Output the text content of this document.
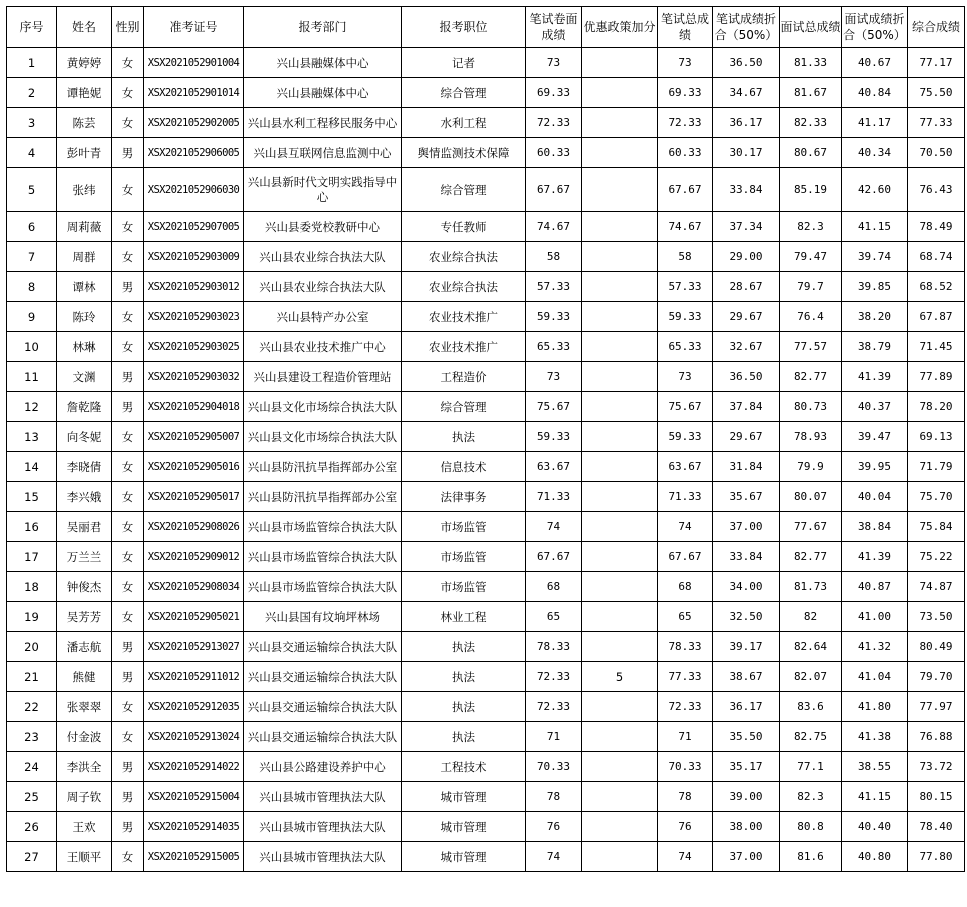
序号	姓名	性别	准考证号	报考部门	报考职位	笔试卷面成绩	优惠政策加分	笔试总成绩	笔试成绩折合（50%）	面试总成绩	面试成绩折合（50%）	综合成绩
1	黄婷婷	女	XSX2021052901004	兴山县融媒体中心	记者	73		73	36.50	81.33	40.67	77.17
2	谭艳妮	女	XSX2021052901014	兴山县融媒体中心	综合管理	69.33		69.33	34.67	81.67	40.84	75.50
3	陈芸	女	XSX2021052902005	兴山县水利工程移民服务中心	水利工程	72.33		72.33	36.17	82.33	41.17	77.33
4	彭叶青	男	XSX2021052906005	兴山县互联网信息监测中心	舆情监测技术保障	60.33		60.33	30.17	80.67	40.34	70.50
5	张纬	女	XSX2021052906030	兴山县新时代文明实践指导中心	综合管理	67.67		67.67	33.84	85.19	42.60	76.43
6	周莉薇	女	XSX2021052907005	兴山县委党校教研中心	专任教师	74.67		74.67	37.34	82.3	41.15	78.49
7	周群	女	XSX2021052903009	兴山县农业综合执法大队	农业综合执法	58		58	29.00	79.47	39.74	68.74
8	谭林	男	XSX2021052903012	兴山县农业综合执法大队	农业综合执法	57.33		57.33	28.67	79.7	39.85	68.52
9	陈玲	女	XSX2021052903023	兴山县特产办公室	农业技术推广	59.33		59.33	29.67	76.4	38.20	67.87
10	林琳	女	XSX2021052903025	兴山县农业技术推广中心	农业技术推广	65.33		65.33	32.67	77.57	38.79	71.45
11	文渊	男	XSX2021052903032	兴山县建设工程造价管理站	工程造价	73		73	36.50	82.77	41.39	77.89
12	詹乾隆	男	XSX2021052904018	兴山县文化市场综合执法大队	综合管理	75.67		75.67	37.84	80.73	40.37	78.20
13	向冬妮	女	XSX2021052905007	兴山县文化市场综合执法大队	执法	59.33		59.33	29.67	78.93	39.47	69.13
14	李晓倩	女	XSX2021052905016	兴山县防汛抗旱指挥部办公室	信息技术	63.67		63.67	31.84	79.9	39.95	71.79
15	李兴娥	女	XSX2021052905017	兴山县防汛抗旱指挥部办公室	法律事务	71.33		71.33	35.67	80.07	40.04	75.70
16	吴丽君	女	XSX2021052908026	兴山县市场监管综合执法大队	市场监管	74		74	37.00	77.67	38.84	75.84
17	万兰兰	女	XSX2021052909012	兴山县市场监管综合执法大队	市场监管	67.67		67.67	33.84	82.77	41.39	75.22
18	钟俊杰	女	XSX2021052908034	兴山县市场监管综合执法大队	市场监管	68		68	34.00	81.73	40.87	74.87
19	吴芳芳	女	XSX2021052905021	兴山县国有坟垧坪林场	林业工程	65		65	32.50	82	41.00	73.50
20	潘志航	男	XSX2021052913027	兴山县交通运输综合执法大队	执法	78.33		78.33	39.17	82.64	41.32	80.49
21	熊健	男	XSX2021052911012	兴山县交通运输综合执法大队	执法	72.33	5	77.33	38.67	82.07	41.04	79.70
22	张翠翠	女	XSX2021052912035	兴山县交通运输综合执法大队	执法	72.33		72.33	36.17	83.6	41.80	77.97
23	付金波	女	XSX2021052913024	兴山县交通运输综合执法大队	执法	71		71	35.50	82.75	41.38	76.88
24	李洪全	男	XSX2021052914022	兴山县公路建设养护中心	工程技术	70.33		70.33	35.17	77.1	38.55	73.72
25	周子钦	男	XSX2021052915004	兴山县城市管理执法大队	城市管理	78		78	39.00	82.3	41.15	80.15
26	王欢	男	XSX2021052914035	兴山县城市管理执法大队	城市管理	76		76	38.00	80.8	40.40	78.40
27	王顺平	女	XSX2021052915005	兴山县城市管理执法大队	城市管理	74		74	37.00	81.6	40.80	77.80
